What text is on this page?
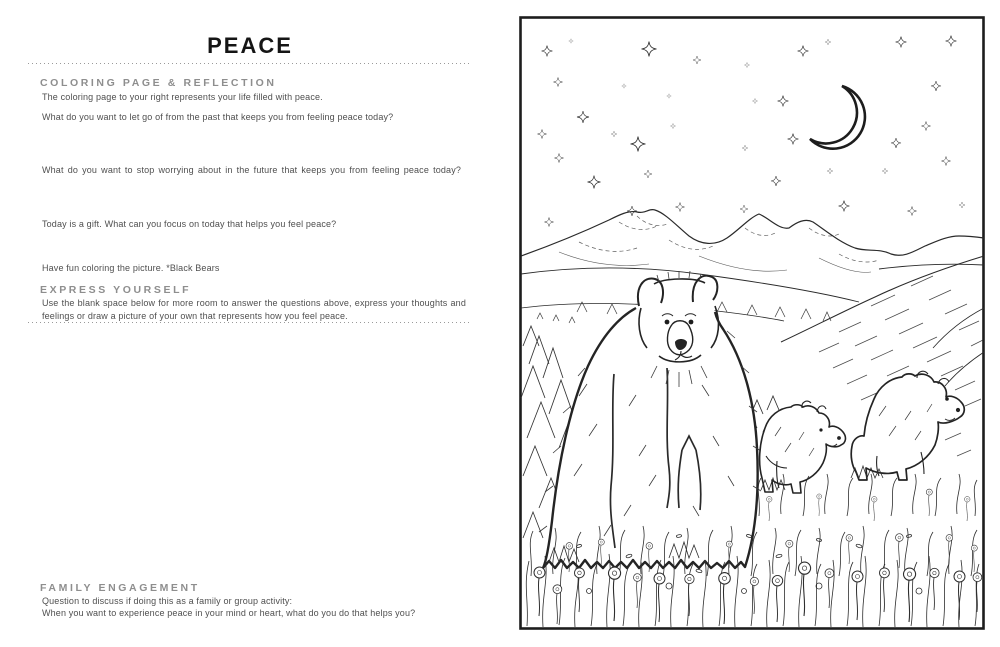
PEACE
COLORING PAGE & REFLECTION
The coloring page to your right represents your life filled with peace.
What do you want to let go of from the past that keeps you from feeling peace today?
What do you want to stop worrying about in the future that keeps you from feeling peace today?
Today is a gift. What can you focus on today that helps you feel peace?
Have fun coloring the picture. *Black Bears
EXPRESS YOURSELF
Use the blank space below for more room to answer the questions above, express your thoughts and feelings or draw a picture of your own that represents how you feel peace.
FAMILY ENGAGEMENT
Question to discuss if doing this as a family or group activity:
When you want to experience peace in your mind or heart, what do you do that helps you?
